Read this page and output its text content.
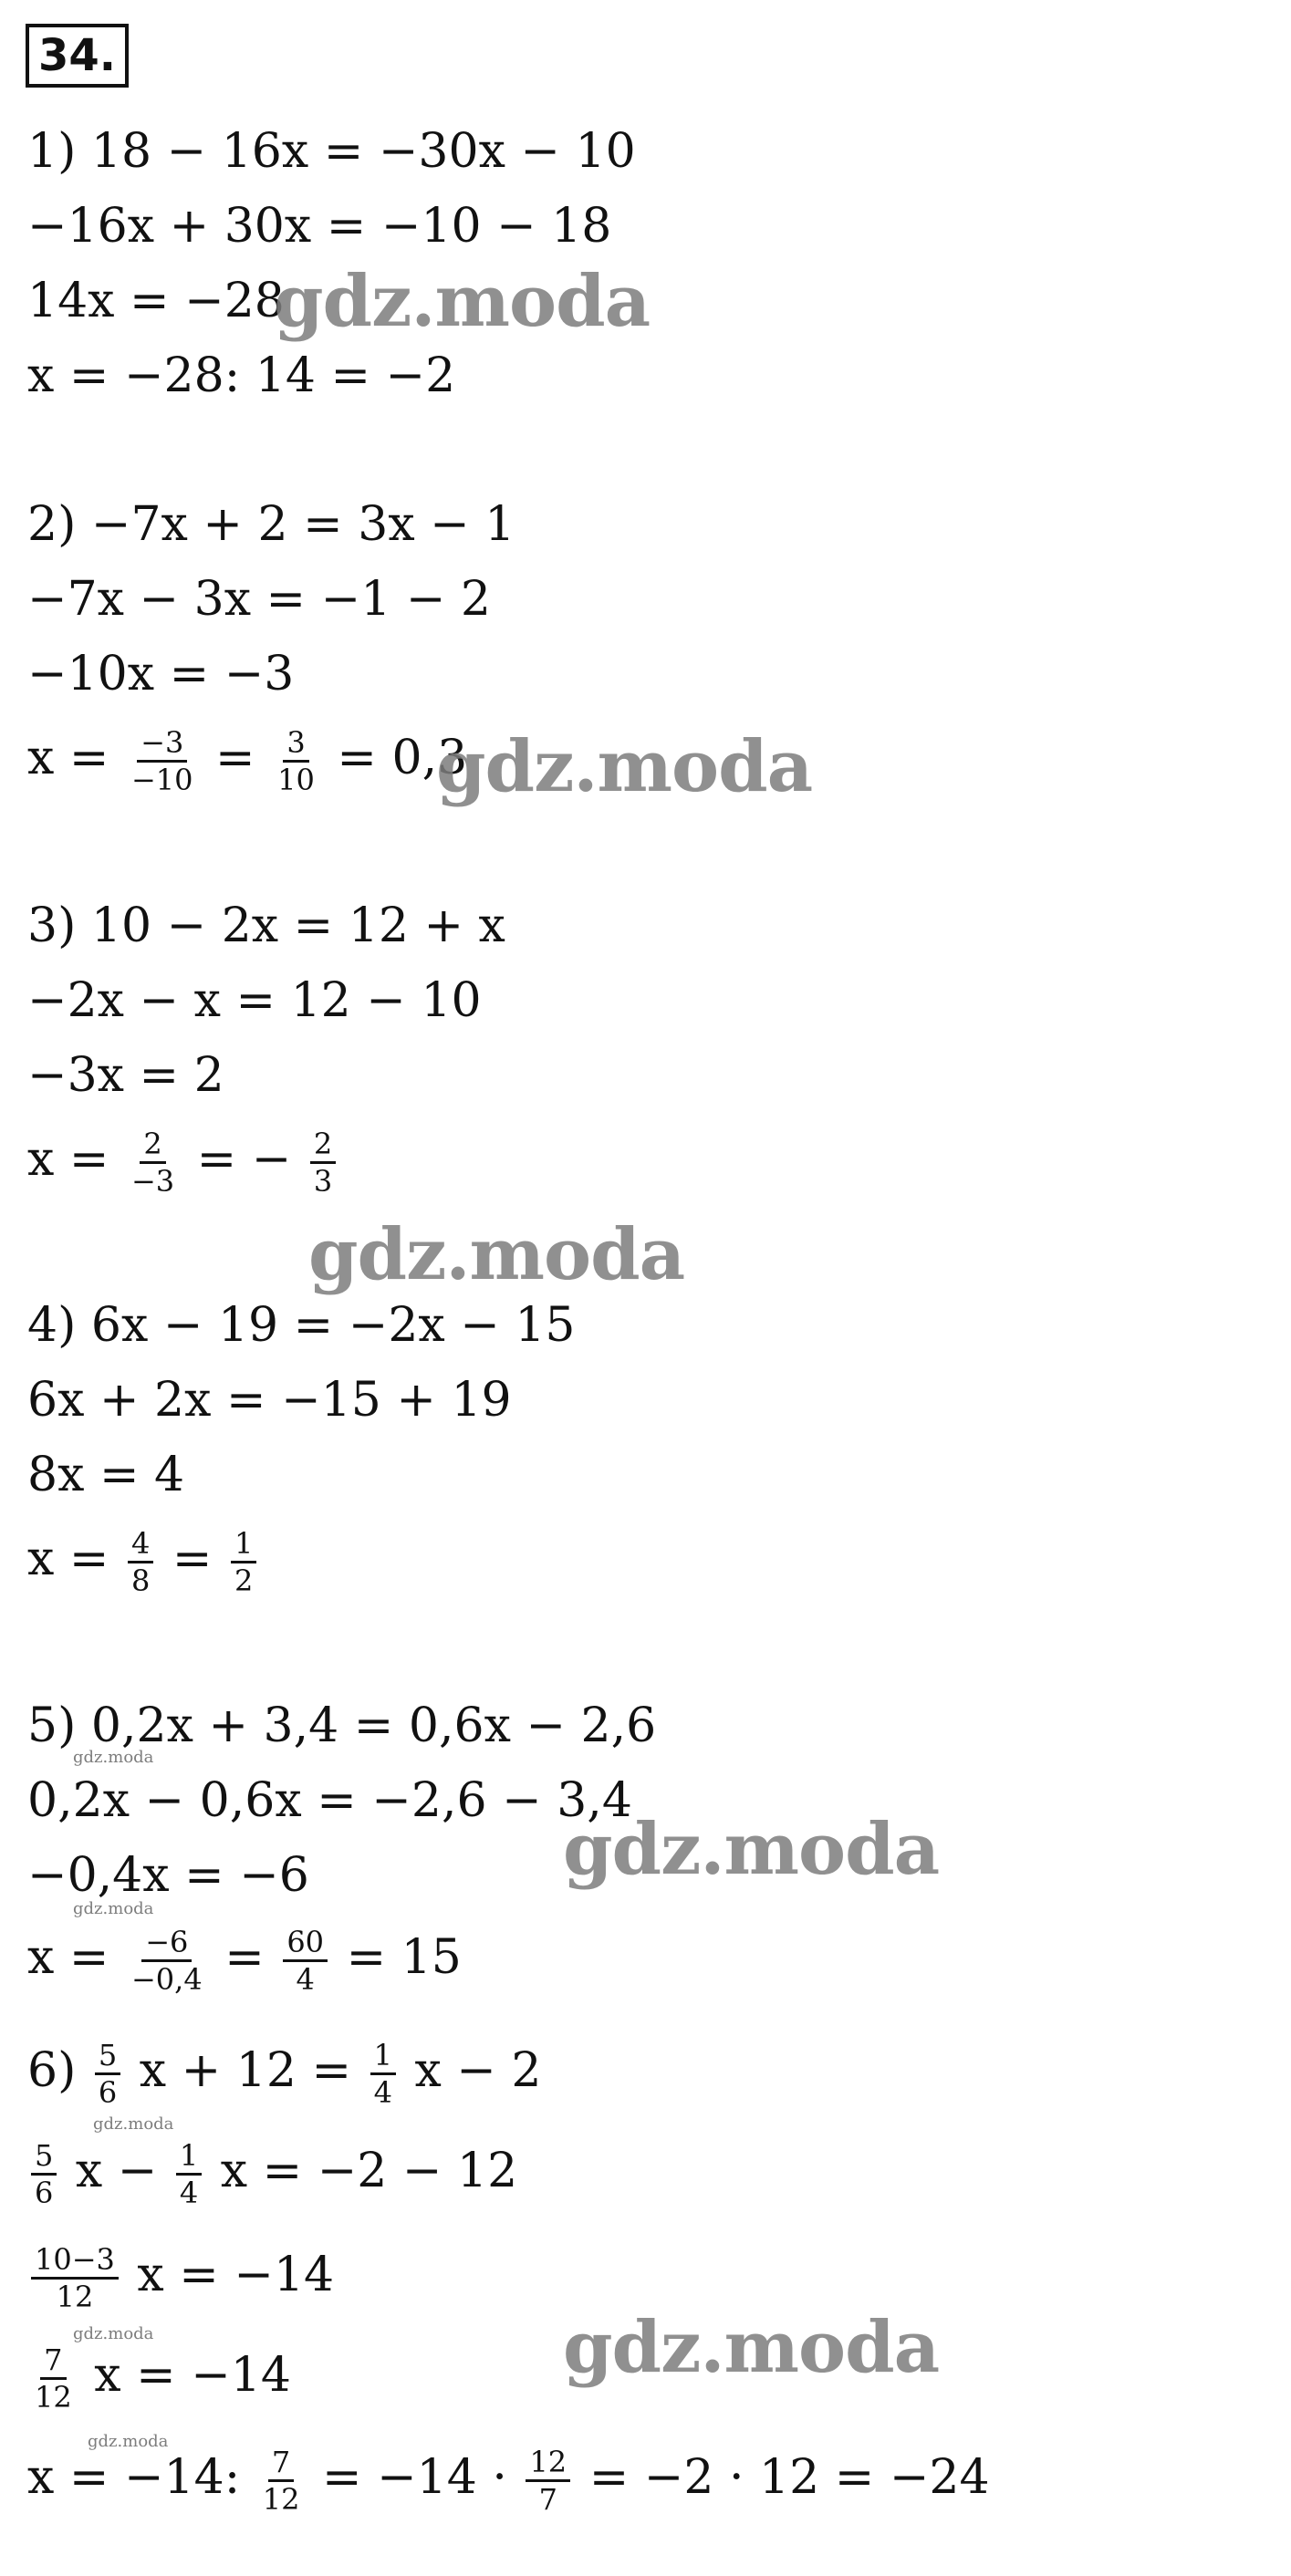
34.
1) 18 − 16x = −30x − 10
−16x + 30x = −10 − 18
14x = −28
x = −28: 14 = −2
2) −7x + 2 = 3x − 1
−7x − 3x = −1 − 2
−10x = −3
$x = \frac{-3}{-10} = \frac{3}{10} = 0,3$
3) 10 − 2x = 12 + x
−2x − x = 12 − 10
−3x = 2
$x = \frac{2}{-3}$ = − $\frac{2}{3}$
4) 6x − 19 = −2x − 15
6x + 2x = −15 + 19
8x = 4
$x = \frac{4}{8} = \frac{1}{2}$
5) 0,2x + 3,4 = 0,6x − 2,6
0,2x − 0,6x = −2,6 − 3,4
−0,4x = −6
$x = \frac{-6}{-0,4} = \frac{60}{4} = 15$
$6) \frac{5}{6}$ $x + 12 = \frac{1}{4}$ x − 2
$\frac{5}{6}$ $x - \frac{1}{4}$ x = −2 − 12
$\frac{10-3}{12}$ x = −14
$\frac{7}{12}$ x = −14
x = −14: $\frac{7}{12} = -14 \cdot \frac{12}{7} = -2 \cdot 12 = -24$
gdz.moda
gdz.moda
gdz.moda
gdz.moda
gdz.moda
gdz.moda
gdz.moda
gdz.moda
gdz.moda
gdz.moda
